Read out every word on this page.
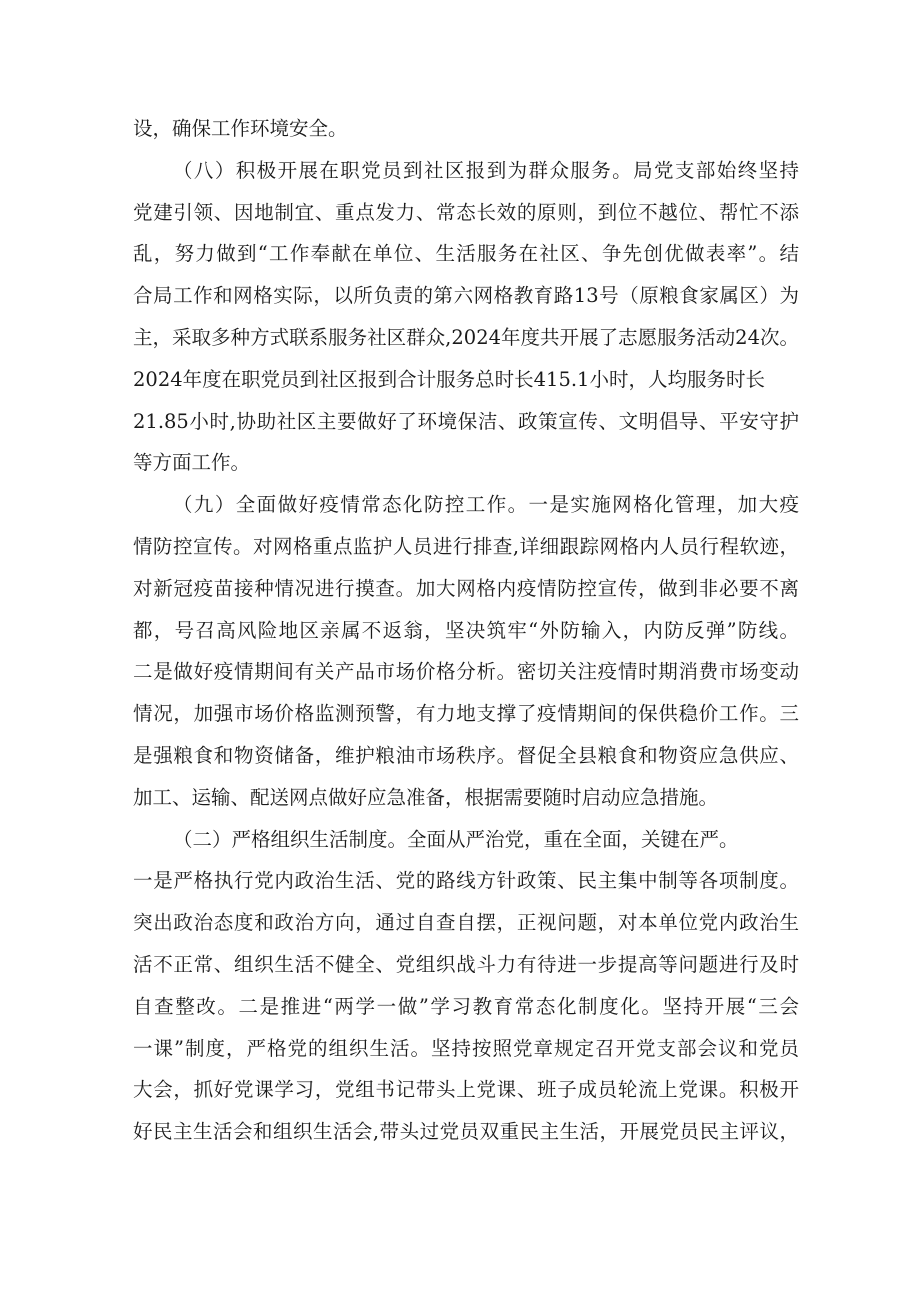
设，确保工作环境安全。
（八）积极开展在职党员到社区报到为群众服务。局党支部始终坚持
党建引领、因地制宜、重点发力、常态长效的原则，到位不越位、帮忙不添
乱，努力做到“工作奉献在单位、生活服务在社区、争先创优做表率”。结
合局工作和网格实际，以所负责的第六网格教育路13号（原粮食家属区）为
主，采取多种方式联系服务社区群众,2024年度共开展了志愿服务活动24次。
2024年度在职党员到社区报到合计服务总时长415.1小时，人均服务时长
21.85小时,协助社区主要做好了环境保洁、政策宣传、文明倡导、平安守护
等方面工作。
（九）全面做好疫情常态化防控工作。一是实施网格化管理，加大疫
情防控宣传。对网格重点监护人员进行排查,详细跟踪网格内人员行程软迹，
对新冠疫苗接种情况进行摸查。加大网格内疫情防控宣传，做到非必要不离
都，号召高风险地区亲属不返翁，坚决筑牢“外防输入，内防反弹”防线。
二是做好疫情期间有关产品市场价格分析。密切关注疫情时期消费市场变动
情况，加强市场价格监测预警，有力地支撑了疫情期间的保供稳价工作。三
是强粮食和物资储备，维护粮油市场秩序。督促全县粮食和物资应急供应、
加工、运输、配送网点做好应急准备，根据需要随时启动应急措施。
（二）严格组织生活制度。全面从严治党，重在全面，关键在严。
一是严格执行党内政治生活、党的路线方针政策、民主集中制等各项制度。
突出政治态度和政治方向，通过自查自摆，正视问题，对本单位党内政治生
活不正常、组织生活不健全、党组织战斗力有待进一步提高等问题进行及时
自查整改。二是推进“两学一做”学习教育常态化制度化。坚持开展“三会
一课”制度，严格党的组织生活。坚持按照党章规定召开党支部会议和党员
大会，抓好党课学习，党组书记带头上党课、班子成员轮流上党课。积极开
好民主生活会和组织生活会,带头过党员双重民主生活，开展党员民主评议，
